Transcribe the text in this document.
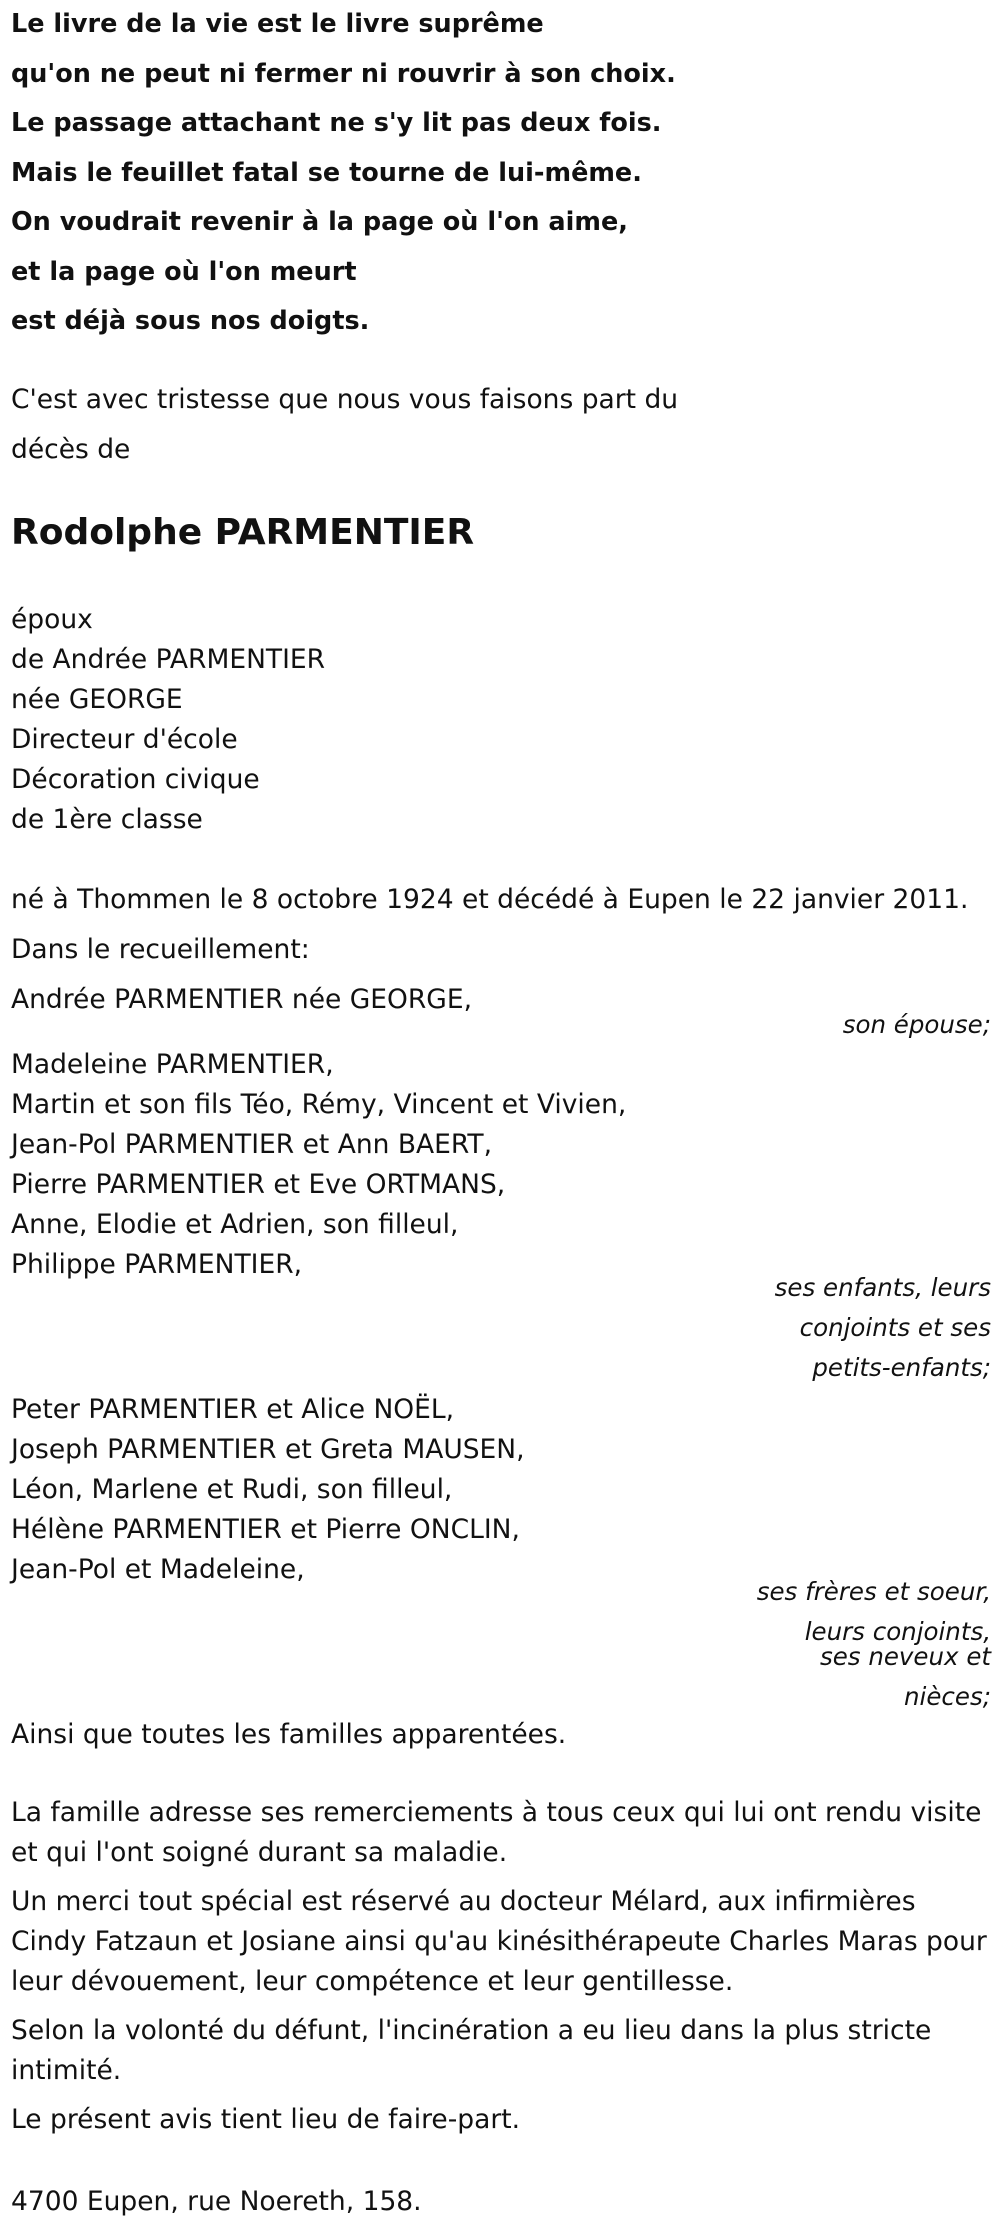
Le livre de la vie est le livre suprême
qu'on ne peut ni fermer ni rouvrir à son choix.
Le passage attachant ne s'y lit pas deux fois.
Mais le feuillet fatal se tourne de lui-même.
On voudrait revenir à la page où l'on aime,
et la page où l'on meurt
est déjà sous nos doigts.
C'est avec tristesse que nous vous faisons part du
décès de
Rodolphe PARMENTIER
époux
de Andrée PARMENTIER
née GEORGE
Directeur d'école
Décoration civique
de 1ère classe
né à Thommen le 8 octobre 1924 et décédé à Eupen le 22 janvier 2011.
Dans le recueillement:
Andrée PARMENTIER née GEORGE,
son épouse;
Madeleine PARMENTIER,
Martin et son fils Téo, Rémy, Vincent et Vivien,
Jean-Pol PARMENTIER et Ann BAERT,
Pierre PARMENTIER et Eve ORTMANS,
Anne, Elodie et Adrien, son filleul,
Philippe PARMENTIER,
ses enfants, leurs
conjoints et ses
petits-enfants;
Peter PARMENTIER et Alice NOËL,
Joseph PARMENTIER et Greta MAUSEN,
Léon, Marlene et Rudi, son filleul,
Hélène PARMENTIER et Pierre ONCLIN,
Jean-Pol et Madeleine,
ses frères et soeur,
leurs conjoints,
ses neveux et
nièces;
Ainsi que toutes les familles apparentées.
La famille adresse ses remerciements à tous ceux qui lui ont rendu visite et qui l'ont soigné durant sa maladie.
Un merci tout spécial est réservé au docteur Mélard, aux infirmières Cindy Fatzaun et Josiane ainsi qu'au kinésithérapeute Charles Maras pour leur dévouement, leur compétence et leur gentillesse.
Selon la volonté du défunt, l'incinération a eu lieu dans la plus stricte intimité.
Le présent avis tient lieu de faire-part.
4700 Eupen, rue Noereth, 158.
